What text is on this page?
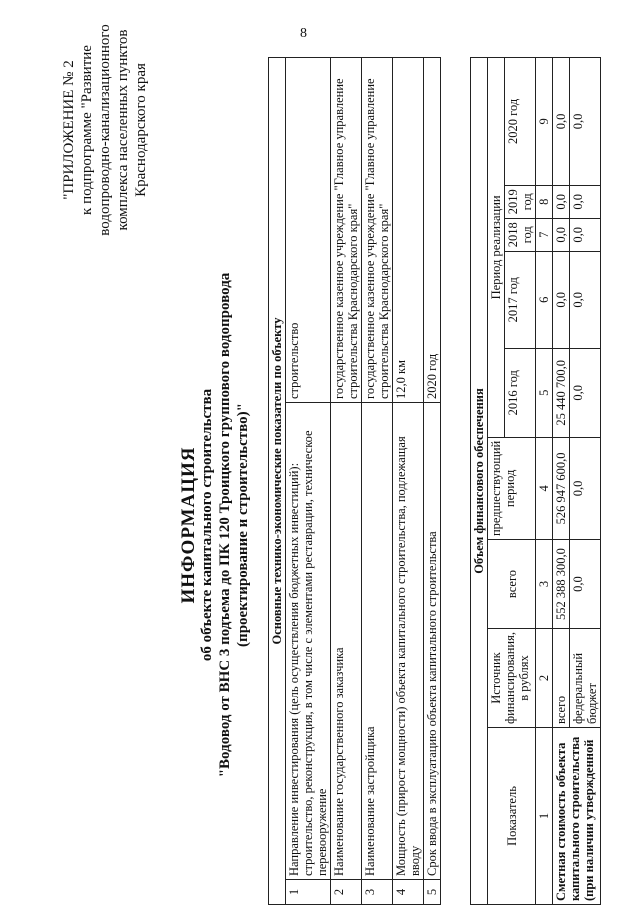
8
"ПРИЛОЖЕНИЕ № 2 к подпрограмме "Развитие водопроводно-канализационного комплекса населенных пунктов Краснодарского края
ИНФОРМАЦИЯ об объекте капитального строительства "Водовод от ВНС 3 подъема до ПК 120 Троицкого группового водопровода (проектирование и строительство)" Основные технико-экономические показатели по объекту		
1	Направление инвестирования (цель осуществления бюджетных инвестиций): строительство, реконструкция, в том числе с элементами реставрации, техническое перевооружение	строительство
2	Наименование государственного заказчика	государственное казенное учреждение "Главное управление строительства Краснодарского края"
3	Наименование застройщика	государственное казенное учреждение "Главное управление строительства Краснодарского края"
4	Мощность (прирост мощности) объекта капитального строительства, подлежащая вводу	12,0 км
5	Срок ввода в эксплуатацию объекта капитального строительства	2020 год
Объем финансового обеспечения								
Показатель	Источник финансирования, в рублях	всего	предшествующий период	Период реализации				
				2016 год	2017 год	2018 год	2019 год	2020 год
1	2	3	4	5	6	7	8	9
Сметная стоимость объекта капитального строительства (при наличии утвержденной	всего	552 388 300,0	526 947 600,0	25 440 700,0	0,0	0,0	0,0	0,0
	федеральный бюджет	0,0	0,0	0,0	0,0	0,0	0,0	0,0
